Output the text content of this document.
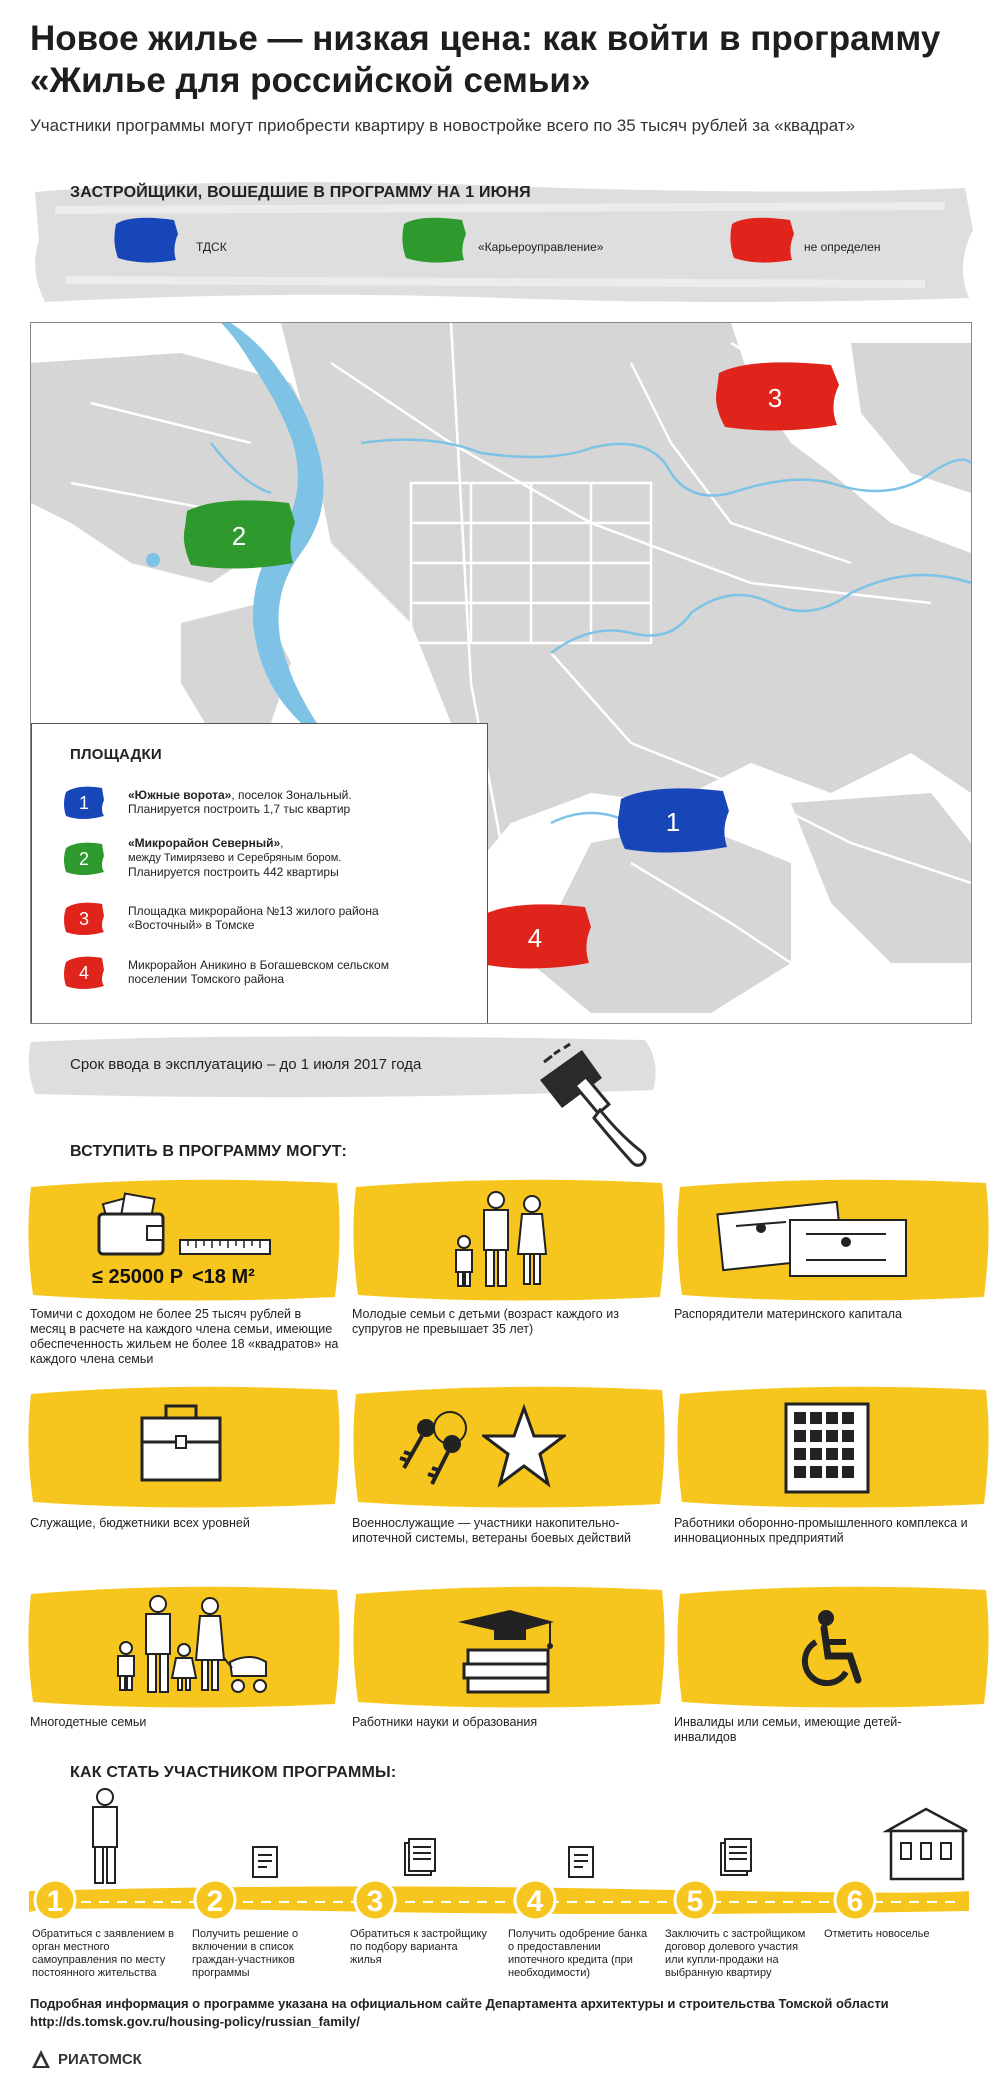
Новое жилье — низкая цена: как войти в программу «Жилье для российской семьи»
Участники программы могут приобрести квартиру в новостройке всего по 35 тысяч рублей за «квадрат»
ЗАСТРОЙЩИКИ, ВОШЕДШИЕ В ПРОГРАММУ НА 1 ИЮНЯ
ТДСК	«Карьероуправление»	не определен
3
2
1
4
ПЛОЩАДКИ
1	«Южные ворота», поселок Зональный.
Планируется построить 1,7 тыс квартир
2
«Микрорайон Северный»,
между Тимирязево и Серебряным бором.
Планируется построить 442 квартиры
3	Площадка микрорайона №13 жилого района
«Восточный» в Томске
4	Микрорайон Аникино в Богашевском сельском
поселении Томского района
Срок ввода в эксплуатацию – до 1 июля 2017 года
ВСТУПИТЬ В ПРОГРАММУ МОГУТ:
≤ 25000 Р <18 М²
Томичи с доходом не более 25 тысяч рублей в месяц в расчете на каждого члена семьи, имеющие обеспеченность жильем не более 18 «квадратов» на каждого члена семьи
Молодые семьи с детьми (возраст каждого из супругов не превышает 35 лет)
Распорядители материнского капитала
Служащие, бюджетники всех уровней	Военнослужащие — участники накопительно-ипотечной системы, ветераны боевых действий
Работники оборонно-промышленного комплекса и инновационных предприятий
Многодетные семьи	Работники науки и образования	Инвалиды или семьи, имеющие детей-инвалидов
КАК СТАТЬ УЧАСТНИКОМ ПРОГРАММЫ:
1	2	3	4	5	6
Обратиться с заявлением в орган местного самоуправления по месту постоянного жительства
Получить решение о включении в список граждан-участников программы
Обратиться к застройщику по подбору варианта жилья
Получить одобрение банка о предоставлении ипотечного кредита (при необходимости)
Заключить с застройщиком договор долевого участия или купли-продажи на выбранную квартиру
Отметить новоселье
Подробная информация о программе указана на официальном сайте Департамента архитектуры и строительства Томской области
http://ds.tomsk.gov.ru/housing-policy/russian_family/
РИАТОМСК
